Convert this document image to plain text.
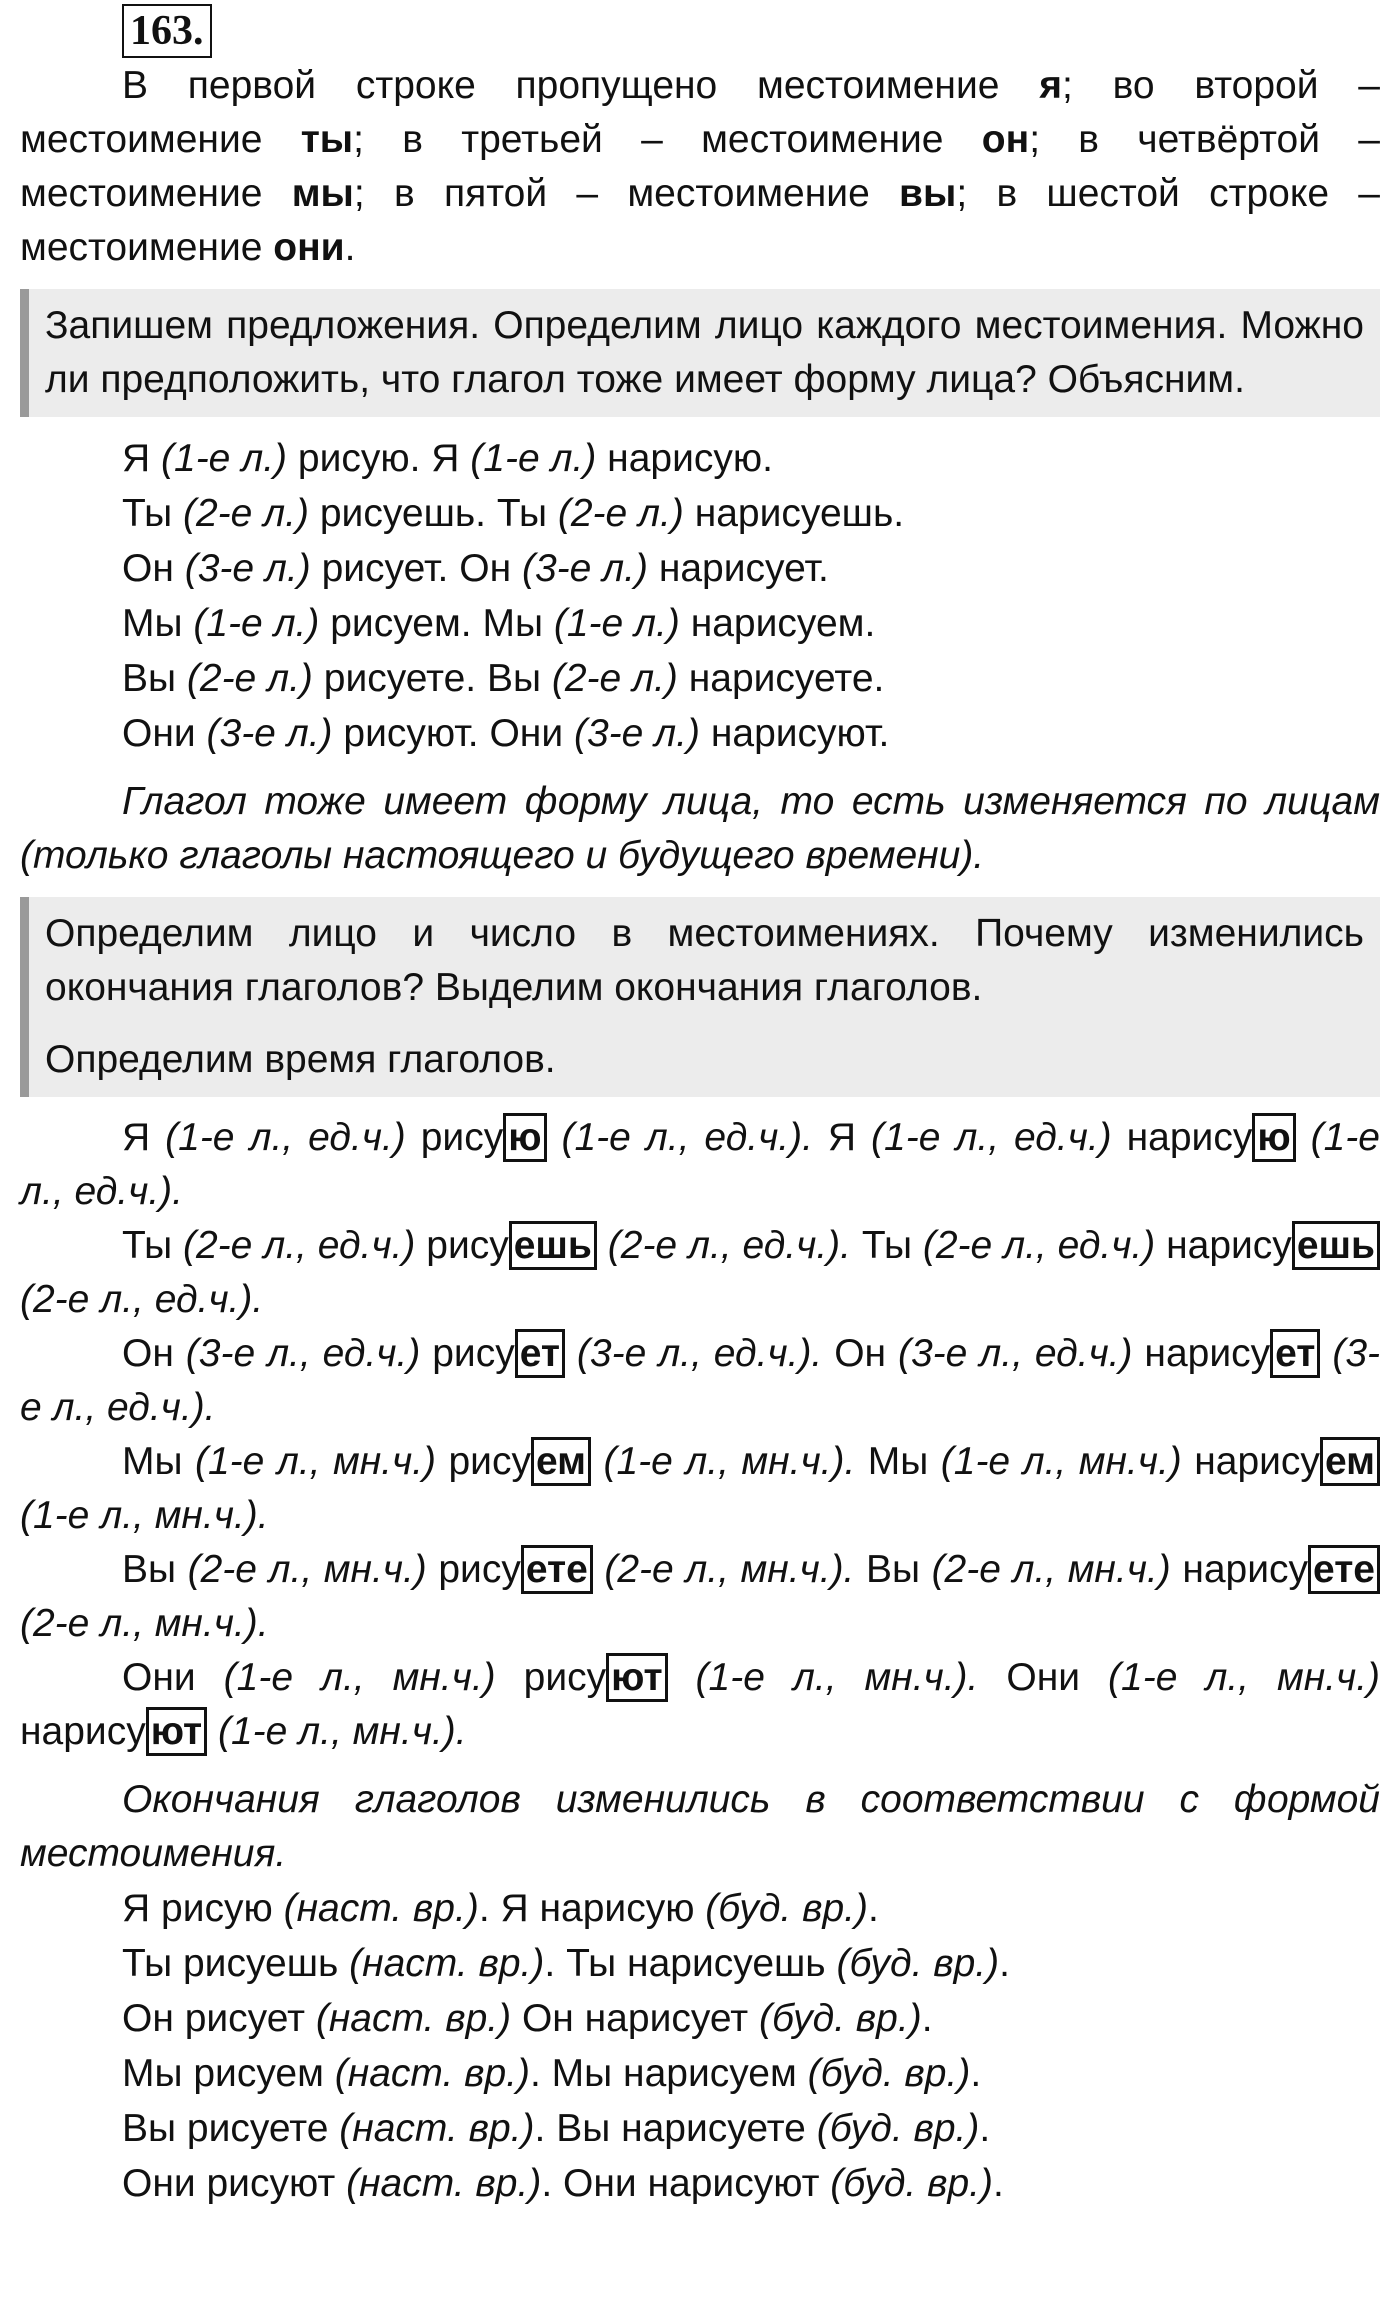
163.

В первой строке пропущено местоимение я; во второй – местоимение ты; в третьей – местоимение он; в четвёртой – местоимение мы; в пятой – местоимение вы; в шестой строке – местоимение они.

Запишем предложения. Определим лицо каждого местоимения. Можно ли предположить, что глагол тоже имеет форму лица? Объясним.

Я (1-е л.) рисую. Я (1-е л.) нарисую.

Ты (2-е л.) рисуешь. Ты (2-е л.) нарисуешь.

Он (3-е л.) рисует. Он (3-е л.) нарисует.

Мы (1-е л.) рисуем. Мы (1-е л.) нарисуем.

Вы (2-е л.) рисуете. Вы (2-е л.) нарисуете.

Они (3-е л.) рисуют. Они (3-е л.) нарисуют.

Глагол тоже имеет форму лица, то есть изменяется по лицам (только глаголы настоящего и будущего времени).

Определим лицо и число в местоимениях. Почему изменились окончания глаголов? Выделим окончания глаголов.

Определим время глаголов.

Я (1-е л., ед.ч.) рису ю (1-е л., ед.ч.). Я (1-е л., ед.ч.) нарису ю (1-е л., ед.ч.).

Ты (2-е л., ед.ч.) рису ешь (2-е л., ед.ч.). Ты (2-е л., ед.ч.) нарису ешь (2-е л., ед.ч.).

Он (3-е л., ед.ч.) рису ет (3-е л., ед.ч.). Он (3-е л., ед.ч.) нарису ет (3-е л., ед.ч.).

Мы (1-е л., мн.ч.) рису ем (1-е л., мн.ч.). Мы (1-е л., мн.ч.) нарису ем (1-е л., мн.ч.).

Вы (2-е л., мн.ч.) рису ете (2-е л., мн.ч.). Вы (2-е л., мн.ч.) нарису ете (2-е л., мн.ч.).

Они (1-е л., мн.ч.) рису ют (1-е л., мн.ч.). Они (1-е л., мн.ч.) нарису ют (1-е л., мн.ч.).

Окончания глаголов изменились в соответствии с формой местоимения.

Я рисую (наст. вр.). Я нарисую (буд. вр.).

Ты рисуешь (наст. вр.). Ты нарисуешь (буд. вр.).

Он рисует (наст. вр.) Он нарисует (буд. вр.).

Мы рисуем (наст. вр.). Мы нарисуем (буд. вр.).

Вы рисуете (наст. вр.). Вы нарисуете (буд. вр.).

Они рисуют (наст. вр.). Они нарисуют (буд. вр.).
